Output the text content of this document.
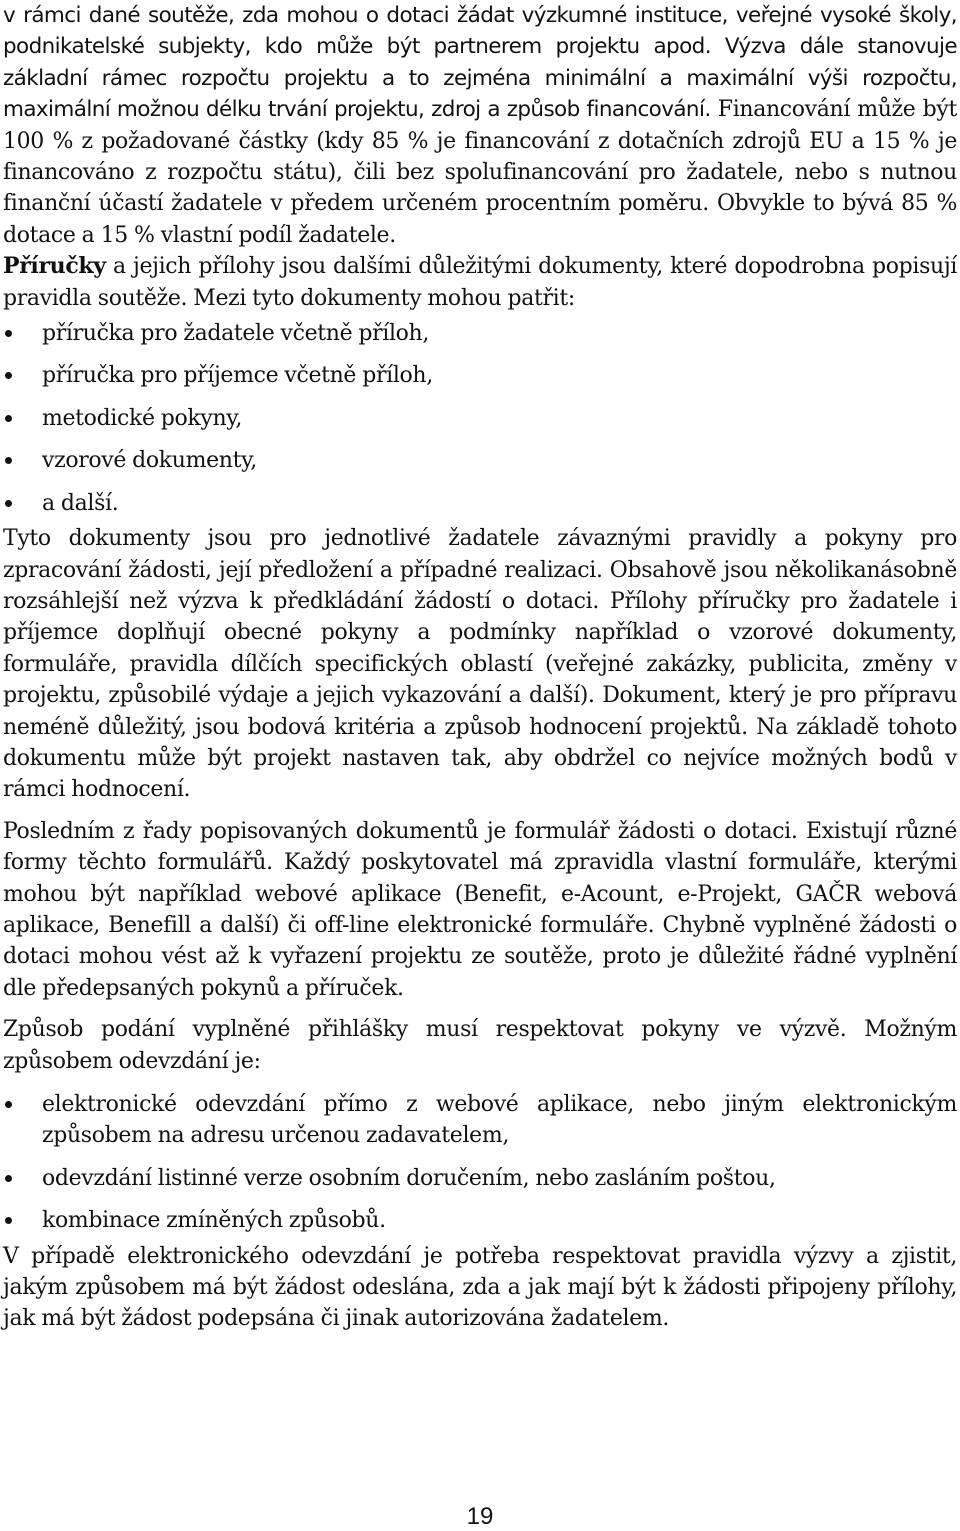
v rámci dané soutěže, zda mohou o dotaci žádat výzkumné instituce, veřejné vysoké školy, podnikatelské subjekty, kdo může být partnerem projektu apod. Výzva dále stanovuje základní rámec rozpočtu projektu a to zejména minimální a maximální výši rozpočtu, maximální možnou délku trvání projektu, zdroj a způsob financování. Financování může být 100 % z požadované částky (kdy 85 % je financování z dotačních zdrojů EU a 15 % je financováno z rozpočtu státu), čili bez spolufinancování pro žadatele, nebo s nutnou finanční účastí žadatele v předem určeném procentním poměru. Obvykle to bývá 85 % dotace a 15 % vlastní podíl žadatele.

Příručky a jejich přílohy jsou dalšími důležitými dokumenty, které dopodrobna popisují pravidla soutěže. Mezi tyto dokumenty mohou patřit:

příručka pro žadatele včetně příloh,
příručka pro příjemce včetně příloh,
metodické pokyny,
vzorové dokumenty,
a další.

Tyto dokumenty jsou pro jednotlivé žadatele závaznými pravidly a pokyny pro zpracování žádosti, její předložení a případné realizaci. Obsahově jsou několikanásobně rozsáhlejší než výzva k předkládání žádostí o dotaci. Přílohy příručky pro žadatele i příjemce doplňují obecné pokyny a podmínky například o vzorové dokumenty, formuláře, pravidla dílčích specifických oblastí (veřejné zakázky, publicita, změny v projektu, způsobilé výdaje a jejich vykazování a další). Dokument, který je pro přípravu neméně důležitý, jsou bodová kritéria a způsob hodnocení projektů. Na základě tohoto dokumentu může být projekt nastaven tak, aby obdržel co nejvíce možných bodů v rámci hodnocení.

Posledním z řady popisovaných dokumentů je formulář žádosti o dotaci. Existují různé formy těchto formulářů. Každý poskytovatel má zpravidla vlastní formuláře, kterými mohou být například webové aplikace (Benefit, e-Acount, e-Projekt, GAČR webová aplikace, Benefill a další) či off-line elektronické formuláře. Chybně vyplněné žádosti o dotaci mohou vést až k vyřazení projektu ze soutěže, proto je důležité řádné vyplnění dle předepsaných pokynů a příruček.

Způsob podání vyplněné přihlášky musí respektovat pokyny ve výzvě. Možným způsobem odevzdání je:

elektronické odevzdání přímo z webové aplikace, nebo jiným elektronickým způsobem na adresu určenou zadavatelem,
odevzdání listinné verze osobním doručením, nebo zasláním poštou,
kombinace zmíněných způsobů.

V případě elektronického odevzdání je potřeba respektovat pravidla výzvy a zjistit, jakým způsobem má být žádost odeslána, zda a jak mají být k žádosti připojeny přílohy, jak má být žádost podepsána či jinak autorizována žadatelem.

19
